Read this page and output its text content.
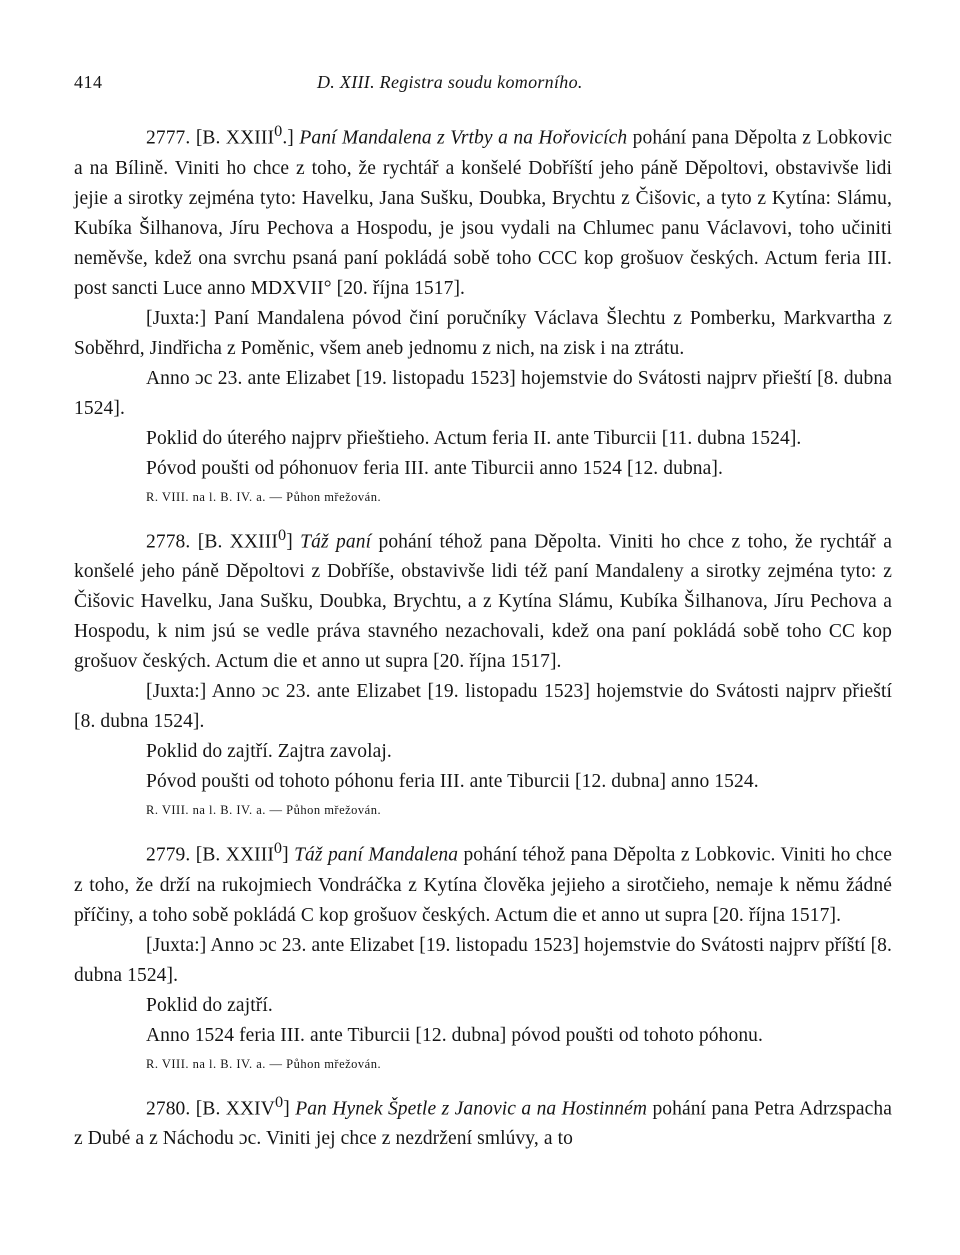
414	D. XIII. Registra soudu komorního.

2777. [B. XXIII$^0$.] Paní Mandalena z Vrtby a na Hořovicích pohání pana Děpolta z Lobkovic a na Bílině. Viniti ho chce z toho, že rychtář a konšelé Dobříští jeho páně Děpoltovi, obstavivše lidi jejie a sirotky zejména tyto: Havelku, Jana Sušku, Doubka, Brychtu z Čišovic, a tyto z Kytína: Slámu, Kubíka Šilhanova, Jíru Pechova a Hospodu, je jsou vydali na Chlumec panu Václavovi, toho učiniti neměvše, kdež ona svrchu psaná paní pokládá sobě toho CCC kop grošuov českých. Actum feria III. post sancti Luce anno MDXVII° [20. října 1517].

[Juxta:] Paní Mandalena póvod činí poručníky Václava Šlechtu z Pomberku, Markvartha z Soběhrd, Jindřicha z Poměnic, všem aneb jednomu z nich, na zisk i na ztrátu.

Anno ɔc 23. ante Elizabet [19. listopadu 1523] hojemstvie do Svátosti najprv přieští [8. dubna 1524].

Poklid do úterého najprv přieštieho. Actum feria II. ante Tiburcii [11. dubna 1524].

Póvod poušti od póhonuov feria III. ante Tiburcii anno 1524 [12. dubna].

R. VIII. na l. B. IV. a. — Půhon mřežován.

2778. [B. XXIII$^0$] Táž paní pohání téhož pana Děpolta. Viniti ho chce z toho, že rychtář a konšelé jeho páně Děpoltovi z Dobříše, obstavivše lidi též paní Mandaleny a sirotky zejména tyto: z Čišovic Havelku, Jana Sušku, Doubka, Brychtu, a z Kytína Slámu, Kubíka Šilhanova, Jíru Pechova a Hospodu, k nim jsú se vedle práva stavného nezachovali, kdež ona paní pokládá sobě toho CC kop grošuov českých. Actum die et anno ut supra [20. října 1517].

[Juxta:] Anno ɔc 23. ante Elizabet [19. listopadu 1523] hojemstvie do Svátosti najprv přieští [8. dubna 1524].

Poklid do zajtří. Zajtra zavolaj.

Póvod poušti od tohoto póhonu feria III. ante Tiburcii [12. dubna] anno 1524.

R. VIII. na l. B. IV. a. — Půhon mřežován.

2779. [B. XXIII$^0$] Táž paní Mandalena pohání téhož pana Děpolta z Lobkovic. Viniti ho chce z toho, že drží na rukojmiech Vondráčka z Kytína člověka jejieho a sirotčieho, nemaje k němu žádné příčiny, a toho sobě pokládá C kop grošuov českých. Actum die et anno ut supra [20. října 1517].

[Juxta:] Anno ɔc 23. ante Elizabet [19. listopadu 1523] hojemstvie do Svátosti najprv příští [8. dubna 1524].

Poklid do zajtří.

Anno 1524 feria III. ante Tiburcii [12. dubna] póvod poušti od tohoto póhonu.

R. VIII. na l. B. IV. a. — Půhon mřežován.

2780. [B. XXIV$^0$] Pan Hynek Špetle z Janovic a na Hostinném pohání pana Petra Adrzspacha z Dubé a z Náchodu ɔc. Viniti jej chce z nezdržení smlúvy, a to
